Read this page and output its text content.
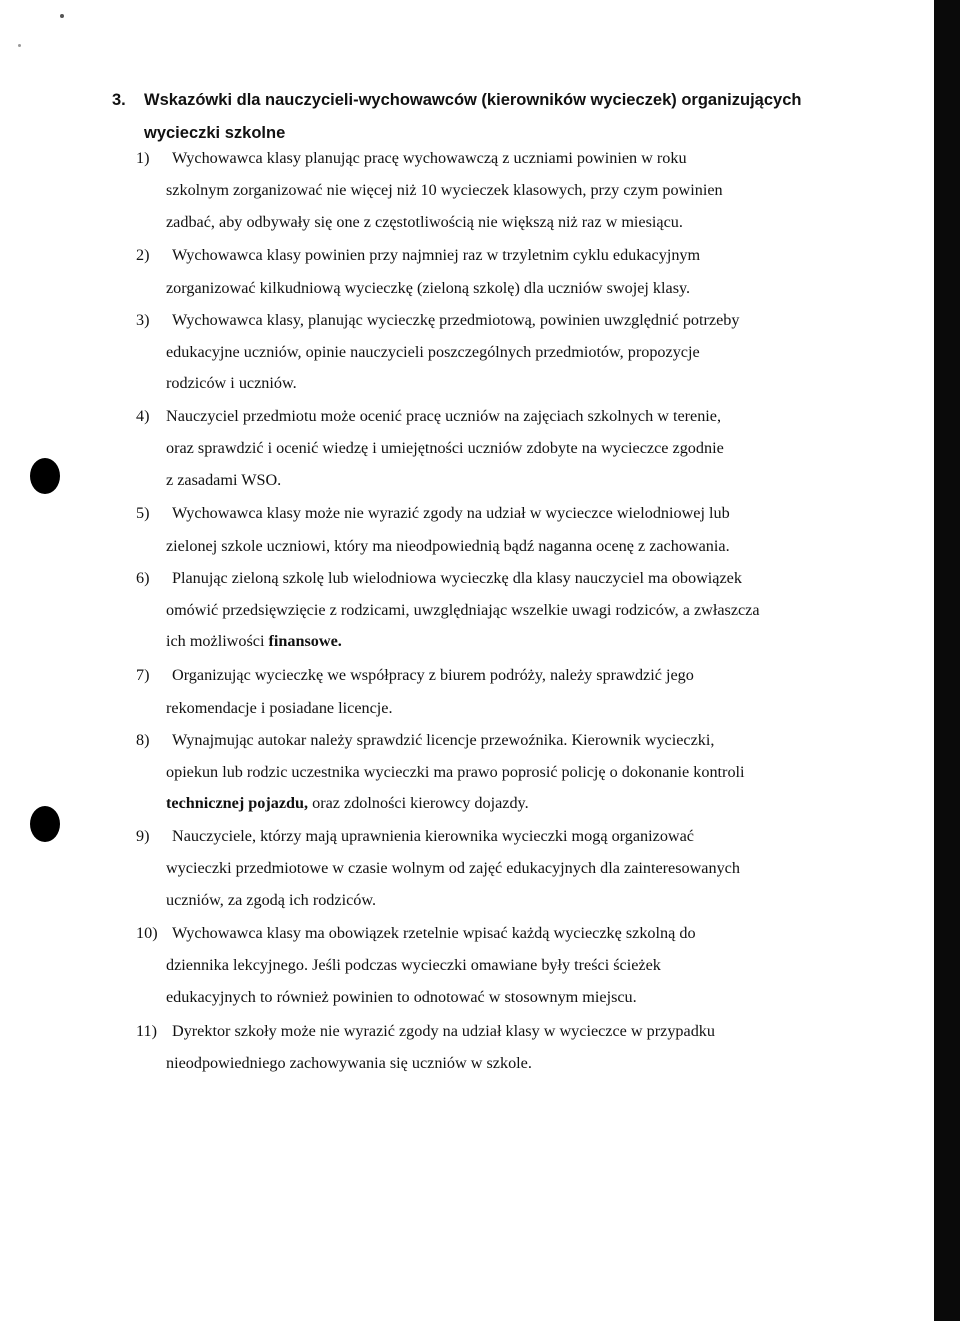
3. Wskazówki dla nauczycieli-wychowawców (kierowników wycieczek) organizujących
wycieczki szkolne
1) Wychowawca klasy planując pracę wychowawczą z uczniami powinien w roku
szkolnym zorganizować nie więcej niż 10 wycieczek klasowych, przy czym powinien
zadbać, aby odbywały się one z częstotliwością nie większą niż raz w miesiącu.
2) Wychowawca klasy powinien przy najmniej raz w trzyletnim cyklu edukacyjnym
zorganizować kilkudniową wycieczkę (zieloną szkolę) dla uczniów swojej klasy.
3) Wychowawca klasy, planując wycieczkę przedmiotową, powinien uwzględnić potrzeby
edukacyjne uczniów, opinie nauczycieli poszczególnych przedmiotów, propozycje
rodziców i uczniów.
4) Nauczyciel przedmiotu może ocenić pracę uczniów na zajęciach szkolnych w terenie,
oraz sprawdzić i ocenić wiedzę i umiejętności uczniów zdobyte na wycieczce zgodnie
z zasadami WSO.
5) Wychowawca klasy może nie wyrazić zgody na udział w wycieczce wielodniowej lub
zielonej szkole uczniowi, który ma nieodpowiednią bądź naganna ocenę z zachowania.
6) Planując zieloną szkolę lub wielodniowa wycieczkę dla klasy nauczyciel ma obowiązek
omówić przedsięwzięcie z rodzicami, uwzględniając wszelkie uwagi rodziców, a zwłaszcza
ich możliwości finansowe.
7) Organizując wycieczkę we współpracy z biurem podróży, należy sprawdzić jego
rekomendacje i posiadane licencje.
8) Wynajmując autokar należy sprawdzić licencje przewoźnika. Kierownik wycieczki,
opiekun lub rodzic uczestnika wycieczki ma prawo poprosić policję o dokonanie kontroli
technicznej pojazdu, oraz zdolności kierowcy dojazdy.
9) Nauczyciele, którzy mają uprawnienia kierownika wycieczki mogą organizować
wycieczki przedmiotowe w czasie wolnym od zajęć edukacyjnych dla zainteresowanych
uczniów, za zgodą ich rodziców.
10) Wychowawca klasy ma obowiązek rzetelnie wpisać każdą wycieczkę szkolną do
dziennika lekcyjnego. Jeśli podczas wycieczki omawiane były treści ścieżek
edukacyjnych to również powinien to odnotować w stosownym miejscu.
11) Dyrektor szkoły może nie wyrazić zgody na udział klasy w wycieczce w przypadku
nieodpowiedniego zachowywania się uczniów w szkole.
